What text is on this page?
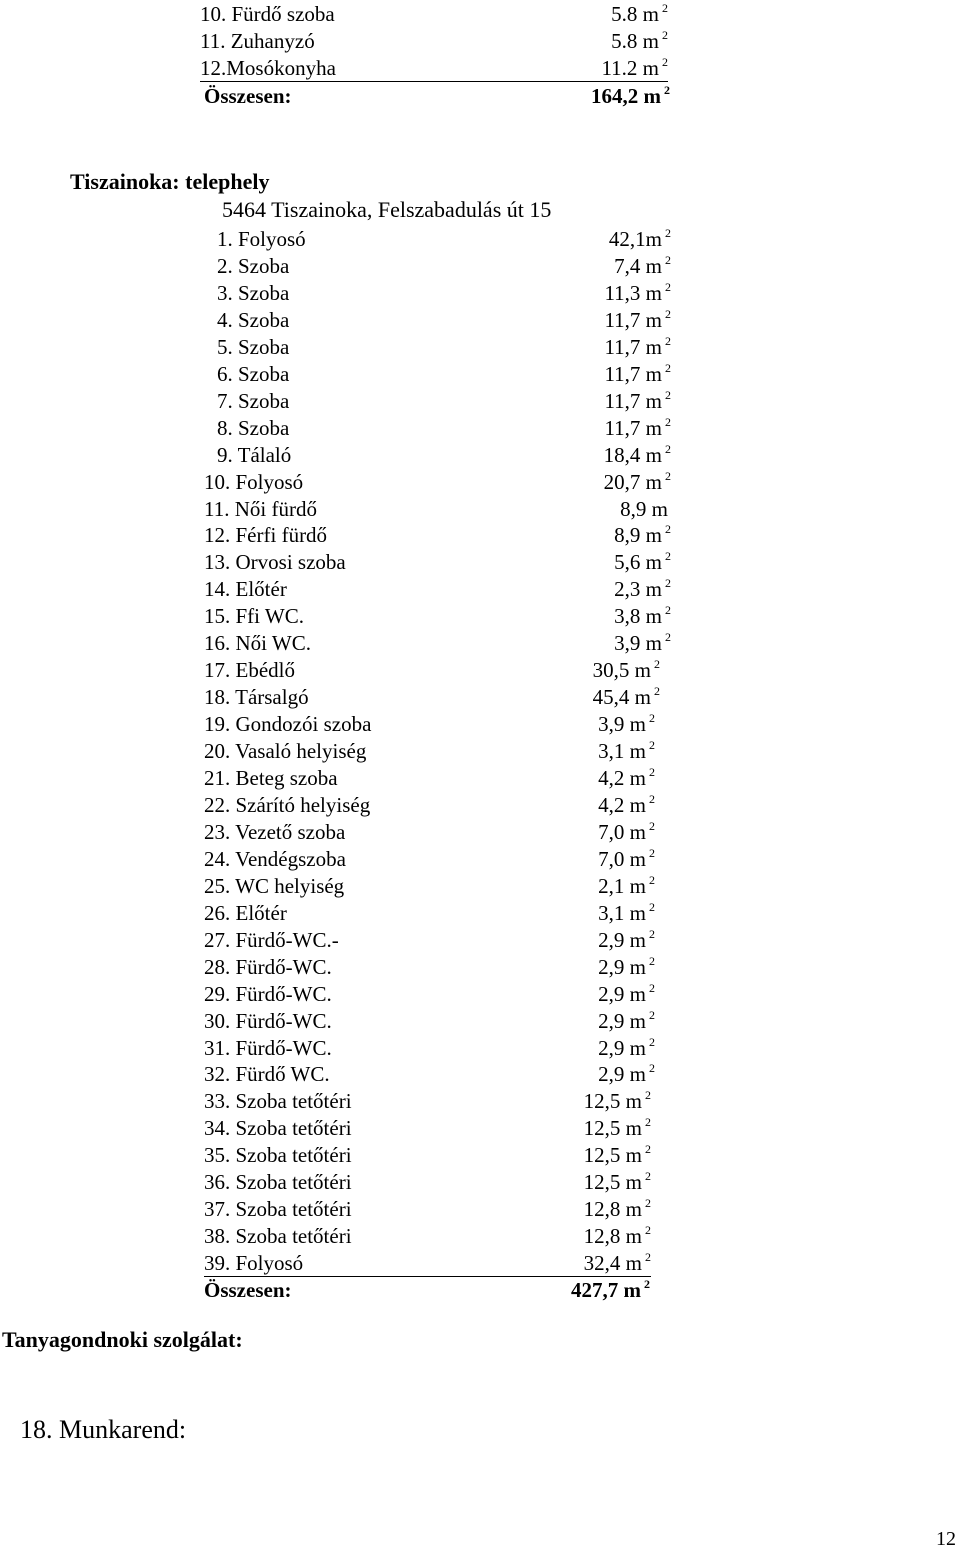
10. Fürdő szoba	5.8 m $^2$
11. Zuhanyzó	5.8 m $^2$
12.Mosókonyha	11.2 m $^2$
Összesen:	164,2 m $^2$
Tiszainoka: telephely
5464 Tiszainoka, Felszabadulás út 15
1. Folyosó	42,1m $^2$
2. Szoba	7,4 m $^2$
3. Szoba	11,3 m $^2$
4. Szoba	11,7 m $^2$
5. Szoba	11,7 m $^2$
6. Szoba	11,7 m $^2$
7. Szoba	11,7 m $^2$
8. Szoba	11,7 m $^2$
9. Tálaló	18,4 m $^2$
10. Folyosó	20,7 m $^2$
11. Női fürdő	8,9 m
12. Férfi fürdő	8,9 m $^2$
13. Orvosi szoba	5,6 m $^2$
14. Előtér	2,3 m $^2$
15. Ffi WC.	3,8 m $^2$
16. Női WC.	3,9 m $^2$
17. Ebédlő	30,5 m $^2$
18. Társalgó	45,4 m $^2$
19. Gondozói szoba	3,9 m $^2$
20. Vasaló helyiség	3,1 m $^2$
21. Beteg szoba	4,2 m $^2$
22. Szárító helyiség	4,2 m $^2$
23. Vezető szoba	7,0 m $^2$
24. Vendégszoba	7,0 m $^2$
25. WC helyiség	2,1 m $^2$
26. Előtér	3,1 m $^2$
27. Fürdő-WC.-	2,9 m $^2$
28. Fürdő-WC.	2,9 m $^2$
29. Fürdő-WC.	2,9 m $^2$
30. Fürdő-WC.	2,9 m $^2$
31. Fürdő-WC.	2,9 m $^2$
32. Fürdő WC.	2,9 m $^2$
33. Szoba tetőtéri	12,5 m $^2$
34. Szoba tetőtéri	12,5 m $^2$
35. Szoba tetőtéri	12,5 m $^2$
36. Szoba tetőtéri	12,5 m $^2$
37. Szoba tetőtéri	12,8 m $^2$
38. Szoba tetőtéri	12,8 m $^2$
39. Folyosó	32,4 m $^2$
Összesen:	427,7 m $^2$
Tanyagondnoki szolgálat:
18. Munkarend:
12
